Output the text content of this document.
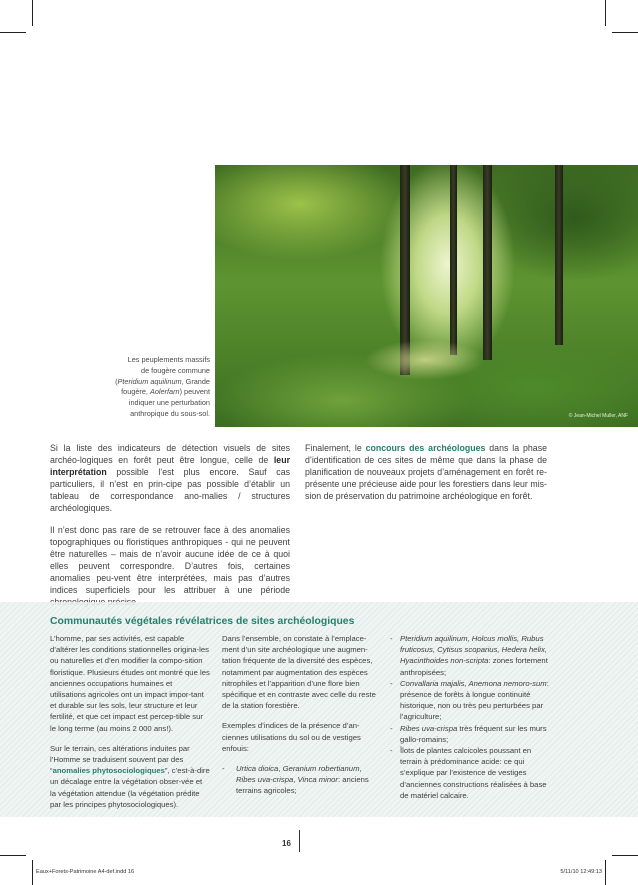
© Jean-Michel Muller, ANF
Les peuplements massifs
de fougère commune
(Pteridium aquilinum, Grande
fougère, Aolerfarn) peuvent
indiquer une perturbation
anthropique du sous-sol.

Si la liste des indicateurs de détection visuels de sites archéo-logiques en forêt peut être longue, celle de leur interprétation possible l’est plus encore. Sauf cas particuliers, il n’est en prin-cipe pas possible d’établir un tableau de correspondance ano-malies / structures archéologiques.

Il n’est donc pas rare de se retrouver face à des anomalies topographiques ou floristiques anthropiques - qui ne peuvent être naturelles – mais de n’avoir aucune idée de ce à quoi elles peuvent correspondre. D’autres fois, certaines anomalies peu-vent être interprétées, mais pas d’autres indices superficiels pour les attribuer à une période

Finalement, le concours des archéologues dans la phase d’identification de ces sites de même que dans la phase de planification de nouveaux projets d’aménagement en forêt re-présente une précieuse aide pour les forestiers dans leur mis-sion de préservation du patrimoine archéologique en forêt.

Communautés végétales révélatrices de sites archéologiques

L’homme, par ses activités, est capable d’altérer les conditions stationnelles origina-les ou naturelles et d’en modifier la compo-sition floristique. Plusieurs études ont montré que les anciennes occupations humaines et utilisations agricoles ont un impact impor-tant et durable sur les sols, leur structure et leur fertilité, et que cet impact est percep-tible sur le long terme (au moins 2 000 ans!).

Sur le terrain, ces altérations induites par l’Homme se traduisent souvent par des “anomalies phytosociologiques”, c’est-à-dire un décalage entre la végétation obser-vée et la végétation attendue (la végétation prédite par les principes phytosociologiques).

Dans l’ensemble, on constate à l’emplace-ment d’un site archéologique une augmen-tation fréquente de la diversité des espèces, notamment par augmentation des espèces nitrophiles et l’apparition d’une flore bien spécifique et en contraste avec celle du reste de la station forestière.

Exemples d’indices de la présence d’an-ciennes utilisations du sol ou de vestiges enfouis:

- Urtica dioica, Geranium robertianum, Ribes uva-crispa, Vinca minor: anciens terrains agricoles;
- Pteridium aquilinum, Holcus mollis, Rubus fruticosus, Cytisus scoparius, Hedera helix, Hyacinthoides non-scripta: zones fortement anthropisées;
- Convallaria majalis, Anemona nemoro-sum: présence de forêts à longue continuité historique, non ou très peu perturbées par l’agriculture;
- Ribes uva-crispa très fréquent sur les murs gallo-romains;
- Îlots de plantes calcicoles poussant en terrain à prédominance acide: ce qui s’explique par l’existence de vestiges d’anciennes constructions réalisées à base de matériel calcaire.
16
Eaux+Forets-Patrimoine A4-def.indd 16	5/11/10 12:49:13
